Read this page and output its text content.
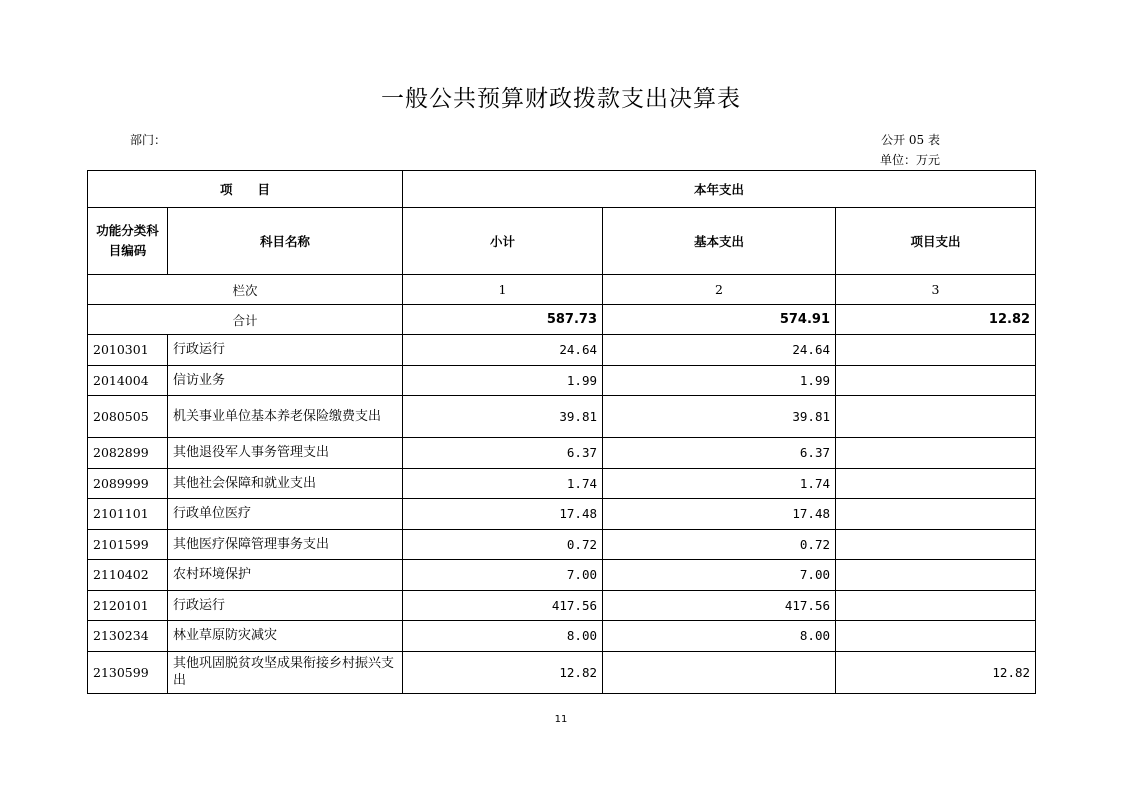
一般公共预算财政拨款支出决算表
部门：	公开 05 表
单位：万元
项　　目		本年支出		
功能分类科目编码	科目名称	小计	基本支出	项目支出
栏次		1	2	3
合计		587.73	574.91	12.82
2010301	行政运行	24.64	24.64	
2014004	信访业务	1.99	1.99	
2080505	机关事业单位基本养老保险缴费支出	39.81	39.81	
2082899	其他退役军人事务管理支出	6.37	6.37	
2089999	其他社会保障和就业支出	1.74	1.74	
2101101	行政单位医疗	17.48	17.48	
2101599	其他医疗保障管理事务支出	0.72	0.72	
2110402	农村环境保护	7.00	7.00	
2120101	行政运行	417.56	417.56	
2130234	林业草原防灾减灾	8.00	8.00	
2130599	其他巩固脱贫攻坚成果衔接乡村振兴支出	12.82		12.82
11
